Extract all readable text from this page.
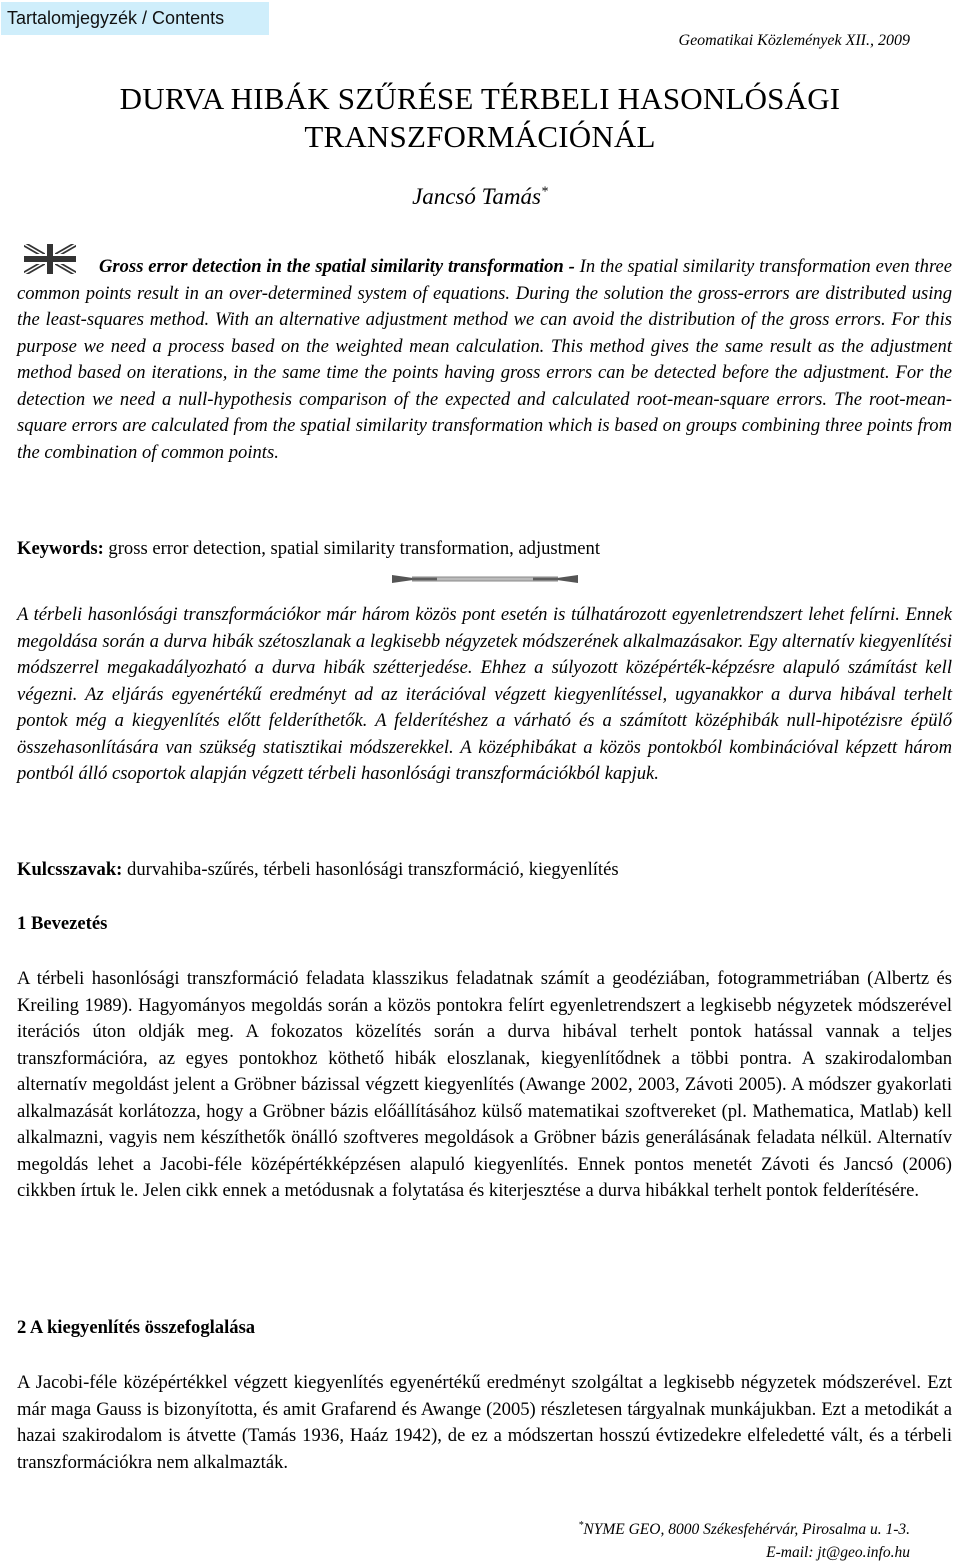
Tartalomjegyzék / Contents
Geomatikai Közlemények XII., 2009
DURVA HIBÁK SZŰRÉSE TÉRBELI HASONLÓSÁGI
TRANSZFORMÁCIÓNÁL
Jancsó Tamás*

Gross error detection in the spatial similarity transformation - In the spatial similarity transformation even three common points result in an over-determined system of equations. During the solution the gross-errors are distributed using the least-squares method. With an alternative adjustment method we can avoid the distribution of the gross errors. For this purpose we need a process based on the weighted mean calculation. This method gives the same result as the adjustment method based on iterations, in the same time the points having gross errors can be detected before the adjustment. For the detection we need a null-hypothesis comparison of the expected and calculated root-mean-square errors. The root-mean-square errors are calculated from the spatial similarity transformation which is based on groups combining three points from the combination of common points.

Keywords: gross error detection, spatial similarity transformation, adjustment

A térbeli hasonlósági transzformációkor már három közös pont esetén is túlhatározott egyenletrendszert lehet felírni. Ennek megoldása során a durva hibák szétoszlanak a legkisebb négyzetek módszerének alkalmazásakor. Egy alternatív kiegyenlítési módszerrel megakadályozható a durva hibák szétterjedése. Ehhez a súlyozott középérték-képzésre alapuló számítást kell végezni. Az eljárás egyenértékű eredményt ad az iterációval végzett kiegyenlítéssel, ugyanakkor a durva hibával terhelt pontok még a kiegyenlítés előtt felderíthetők. A felderítéshez a várható és a számított középhibák null-hipotézisre épülő összehasonlítására van szükség statisztikai módszerekkel. A középhibákat a közös pontokból kombinációval képzett három pontból álló csoportok alapján végzett térbeli hasonlósági transzformációkból kapjuk.

Kulcsszavak: durvahiba-szűrés, térbeli hasonlósági transzformáció, kiegyenlítés

1 Bevezetés

A térbeli hasonlósági transzformáció feladata klasszikus feladatnak számít a geodéziában, fotogrammetriában (Albertz és Kreiling 1989). Hagyományos megoldás során a közös pontokra felírt egyenletrendszert a legkisebb négyzetek módszerével iterációs úton oldják meg. A fokozatos közelítés során a durva hibával terhelt pontok hatással vannak a teljes transzformációra, az egyes pontokhoz köthető hibák eloszlanak, kiegyenlítődnek a többi pontra. A szakirodalomban alternatív megoldást jelent a Gröbner bázissal végzett kiegyenlítés (Awange 2002, 2003, Závoti 2005). A módszer gyakorlati alkalmazását korlátozza, hogy a Gröbner bázis előállításához külső matematikai szoftvereket (pl. Mathematica, Matlab) kell alkalmazni, vagyis nem készíthetők önálló szoftveres megoldások a Gröbner bázis generálásának feladata nélkül. Alternatív megoldás lehet a Jacobi-féle középértékképzésen alapuló kiegyenlítés. Ennek pontos menetét Závoti és Jancsó (2006) cikkben írtuk le. Jelen cikk ennek a metódusnak a folytatása és kiterjesztése a durva hibákkal terhelt pontok felderítésére.

2 A kiegyenlítés összefoglalása

A Jacobi-féle középértékkel végzett kiegyenlítés egyenértékű eredményt szolgáltat a legkisebb négyzetek módszerével. Ezt már maga Gauss is bizonyította, és amit Grafarend és Awange (2005) részletesen tárgyalnak munkájukban. Ezt a metodikát a hazai szakirodalom is átvette (Tamás 1936, Haáz 1942), de ez a módszertan hosszú évtizedekre elfeledetté vált, és a térbeli transzformációkra nem alkalmazták.

*NYME GEO, 8000 Székesfehérvár, Pirosalma u. 1-3.
E-mail: jt@geo.info.hu
